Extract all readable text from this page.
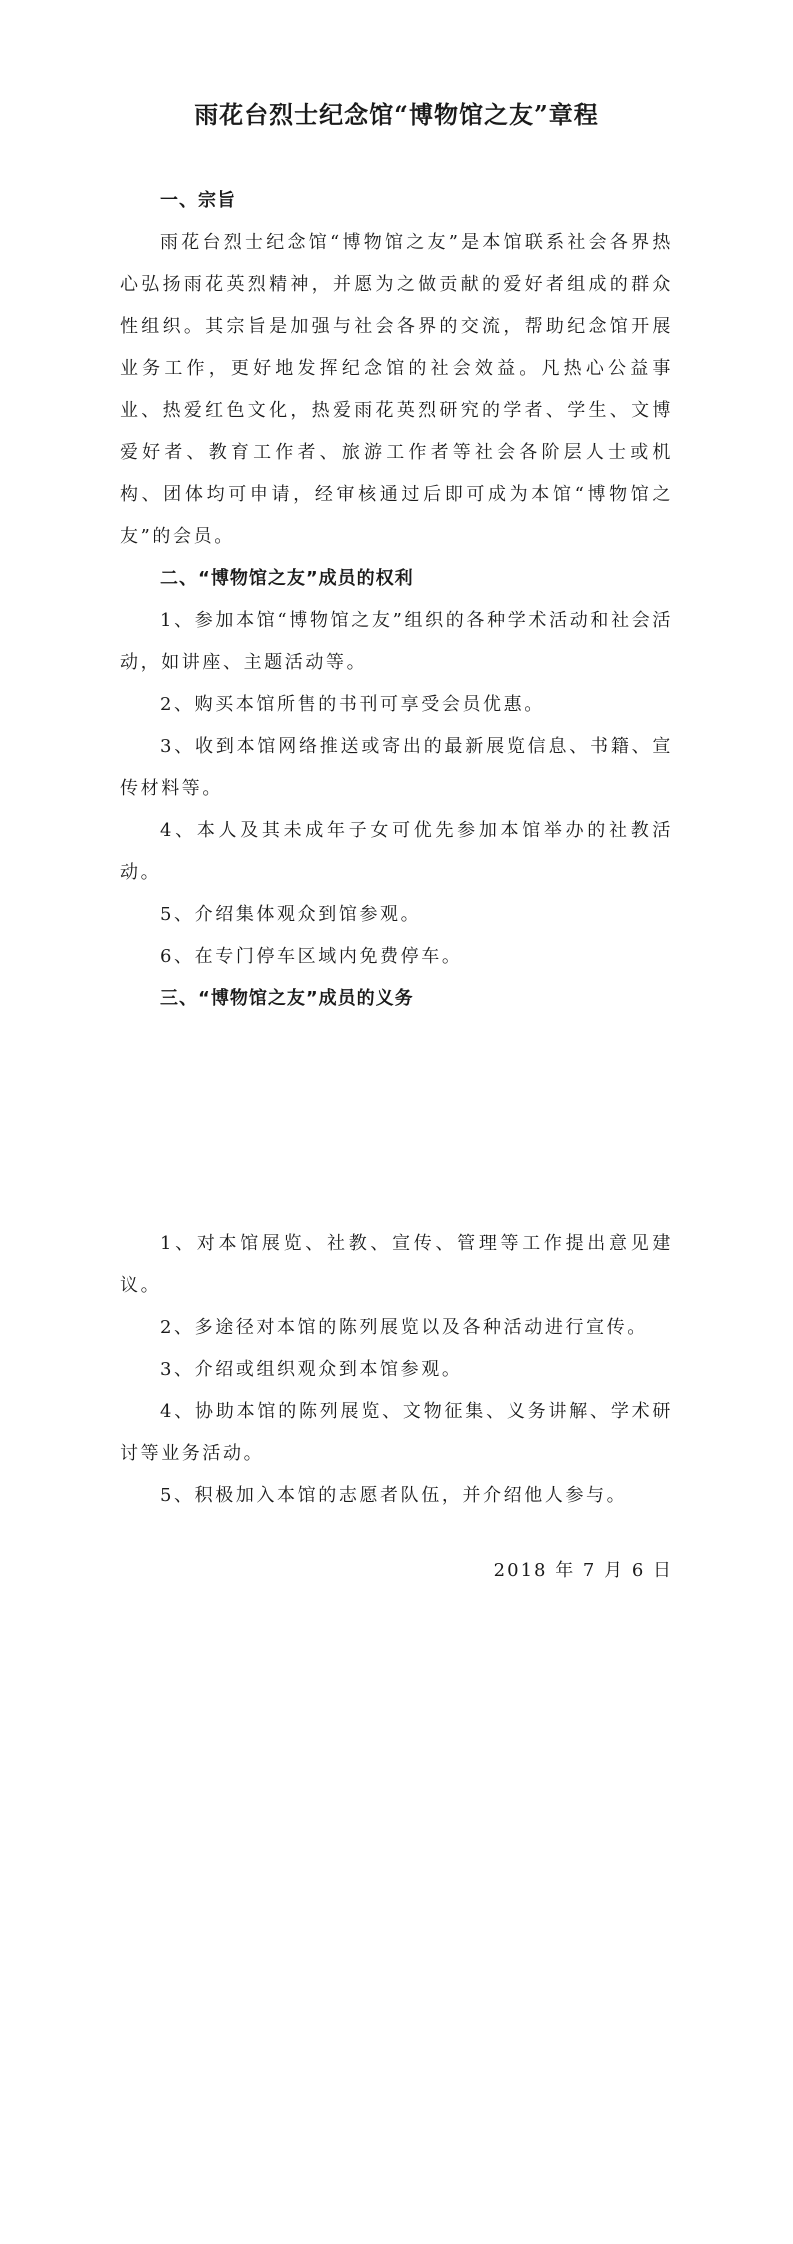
雨花台烈士纪念馆“博物馆之友”章程

一、宗旨

雨花台烈士纪念馆“博物馆之友”是本馆联系社会各界热心弘扬雨花英烈精神，并愿为之做贡献的爱好者组成的群众性组织。其宗旨是加强与社会各界的交流，帮助纪念馆开展业务工作，更好地发挥纪念馆的社会效益。凡热心公益事业、热爱红色文化，热爱雨花英烈研究的学者、学生、文博爱好者、教育工作者、旅游工作者等社会各阶层人士或机构、团体均可申请，经审核通过后即可成为本馆“博物馆之友”的会员。

二、“博物馆之友”成员的权利

1、参加本馆“博物馆之友”组织的各种学术活动和社会活动，如讲座、主题活动等。

2、购买本馆所售的书刊可享受会员优惠。

3、收到本馆网络推送或寄出的最新展览信息、书籍、宣传材料等。

4、本人及其未成年子女可优先参加本馆举办的社教活动。

5、介绍集体观众到馆参观。

6、在专门停车区域内免费停车。

三、“博物馆之友”成员的义务

1、对本馆展览、社教、宣传、管理等工作提出意见建议。

2、多途径对本馆的陈列展览以及各种活动进行宣传。

3、介绍或组织观众到本馆参观。

4、协助本馆的陈列展览、文物征集、义务讲解、学术研讨等业务活动。

5、积极加入本馆的志愿者队伍，并介绍他人参与。

2018 年 7 月 6 日
